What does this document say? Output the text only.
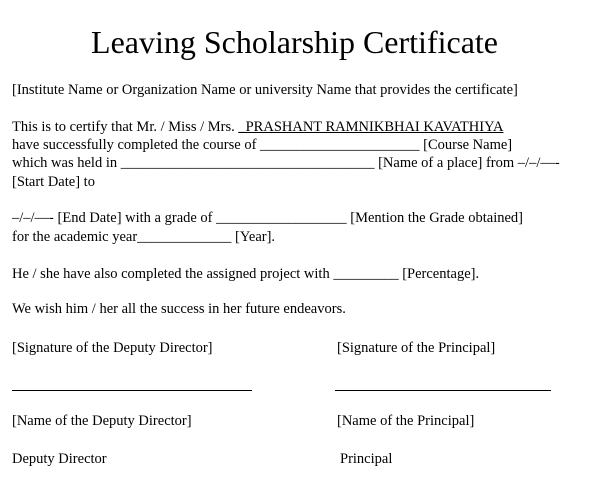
Leaving Scholarship Certificate
[Institute Name or Organization Name or university Name that provides the certificate]
This is to certify that Mr. / Miss / Mrs. _PRASHANT RAMNIKBHAI KAVATHIYA
have successfully completed the course of ______________________ [Course Name]
which was held in ___________________________________ [Name of a place] from –/–/—-
[Start Date] to
–/–/—- [End Date] with a grade of __________________ [Mention the Grade obtained]
for the academic year_____________ [Year].
He / she have also completed the assigned project with _________ [Percentage].
We wish him / her all the success in her future endeavors.
[Signature of the Deputy Director]	[Signature of the Principal]
[Name of the Deputy Director]	[Name of the Principal]
Deputy Director	Principal
